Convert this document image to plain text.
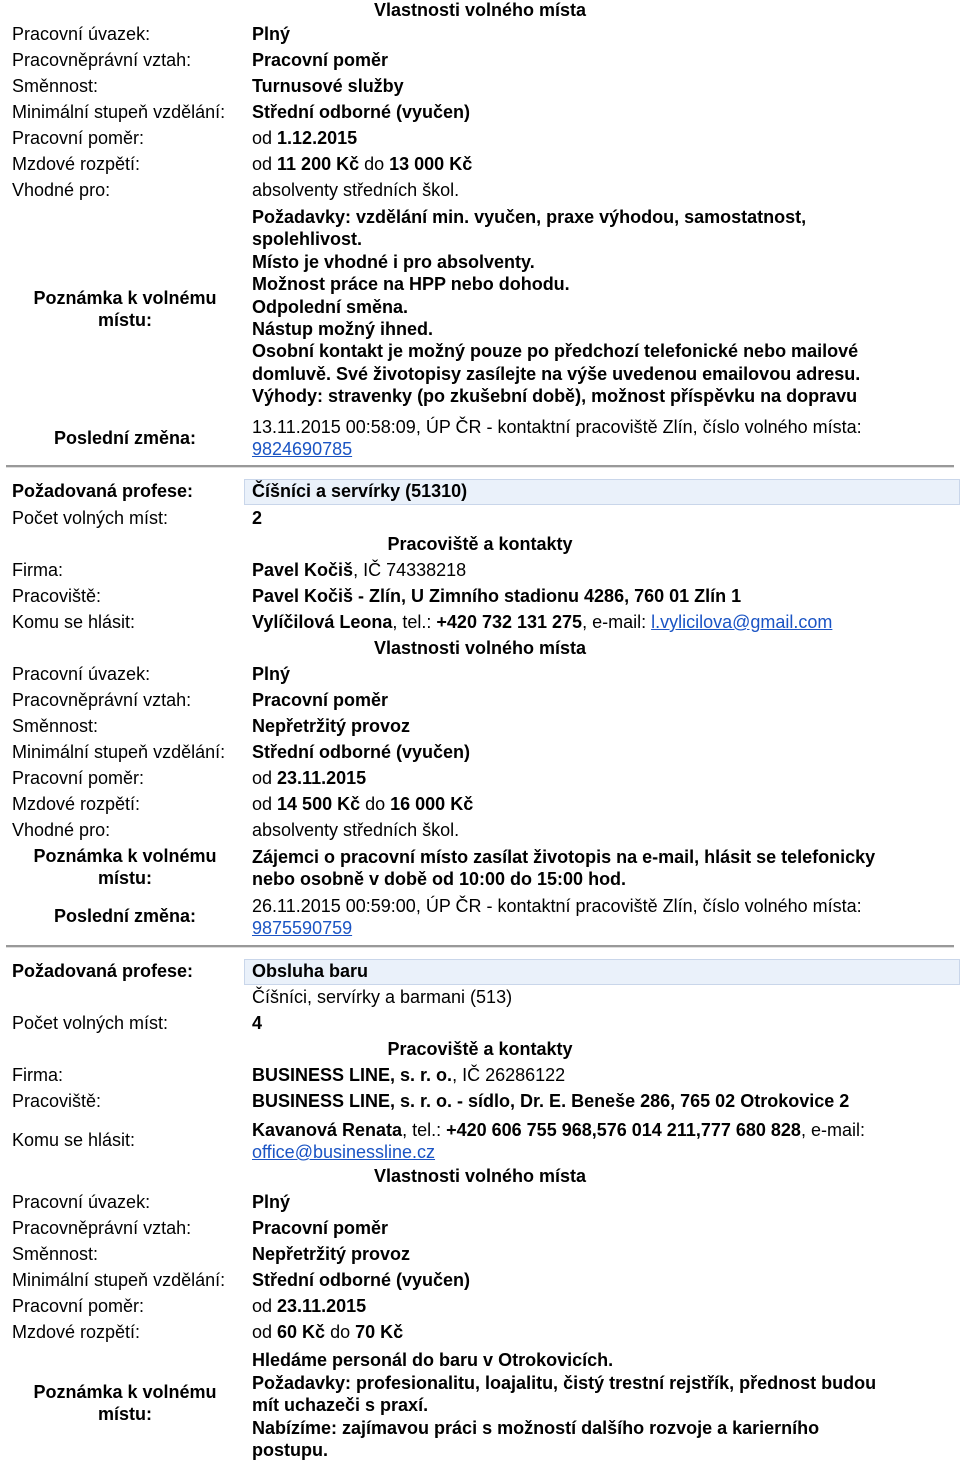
Vlastnosti volného místa
Pracovní úvazek:	Plný
Pracovněprávní vztah:	Pracovní poměr
Směnnost:	Turnusové služby
Minimální stupeň vzdělání:	Střední odborné (vyučen)
Pracovní poměr:	od 1.12.2015
Mzdové rozpětí:	od 11 200 Kč do 13 000 Kč
Vhodné pro:	absolventy středních škol.
Poznámka k volnému místu:
Požadavky: vzdělání min. vyučen, praxe výhodou, samostatnost,
spolehlivost.
Místo je vhodné i pro absolventy.
Možnost práce na HPP nebo dohodu.
Odpolední směna.
Nástup možný ihned.
Osobní kontakt je možný pouze po předchozí telefonické nebo mailové
domluvě. Své životopisy zasílejte na výše uvedenou emailovou adresu.
Výhody: stravenky (po zkušební době), možnost příspěvku na dopravu
Poslední změna:
13.11.2015 00:58:09, ÚP ČR - kontaktní pracoviště Zlín, číslo volného místa:
9824690785
Požadovaná profese:	Číšníci a servírky (51310)
Počet volných míst:	2
Pracoviště a kontakty
Firma:	Pavel Kočiš, IČ 74338218
Pracoviště:	Pavel Kočiš - Zlín, U Zimního stadionu 4286, 760 01 Zlín 1
Komu se hlásit:	Vylíčilová Leona, tel.: +420 732 131 275, e-mail: l.vylicilova@gmail.com
Vlastnosti volného místa
Pracovní úvazek:	Plný
Pracovněprávní vztah:	Pracovní poměr
Směnnost:	Nepřetržitý provoz
Minimální stupeň vzdělání:	Střední odborné (vyučen)
Pracovní poměr:	od 23.11.2015
Mzdové rozpětí:	od 14 500 Kč do 16 000 Kč
Vhodné pro:	absolventy středních škol.
Poznámka k volnému místu:
Zájemci o pracovní místo zasílat životopis na e-mail, hlásit se telefonicky
nebo osobně v době od 10:00 do 15:00 hod.
Poslední změna:	26.11.2015 00:59:00, ÚP ČR - kontaktní pracoviště Zlín, číslo volného místa:
9875590759
Požadovaná profese:	Obsluha baru
Číšníci, servírky a barmani (513)
Počet volných míst:	4
Pracoviště a kontakty
Firma:	BUSINESS LINE, s. r. o., IČ 26286122
Pracoviště:	BUSINESS LINE, s. r. o. - sídlo, Dr. E. Beneše 286, 765 02 Otrokovice 2
Komu se hlásit:
Kavanová Renata, tel.: +420 606 755 968,576 014 211,777 680 828, e-mail:
office@businessline.cz
Vlastnosti volného místa
Pracovní úvazek:	Plný
Pracovněprávní vztah:	Pracovní poměr
Směnnost:	Nepřetržitý provoz
Minimální stupeň vzdělání:	Střední odborné (vyučen)
Pracovní poměr:	od 23.11.2015
Mzdové rozpětí:	od 60 Kč do 70 Kč
Poznámka k volnému místu:
Hledáme personál do baru v Otrokovicích.
Požadavky: profesionalitu, loajalitu, čistý trestní rejstřík, přednost budou
mít uchazeči s praxí.
Nabízíme: zajímavou práci s možností dalšího rozvoje a karierního
postupu.
